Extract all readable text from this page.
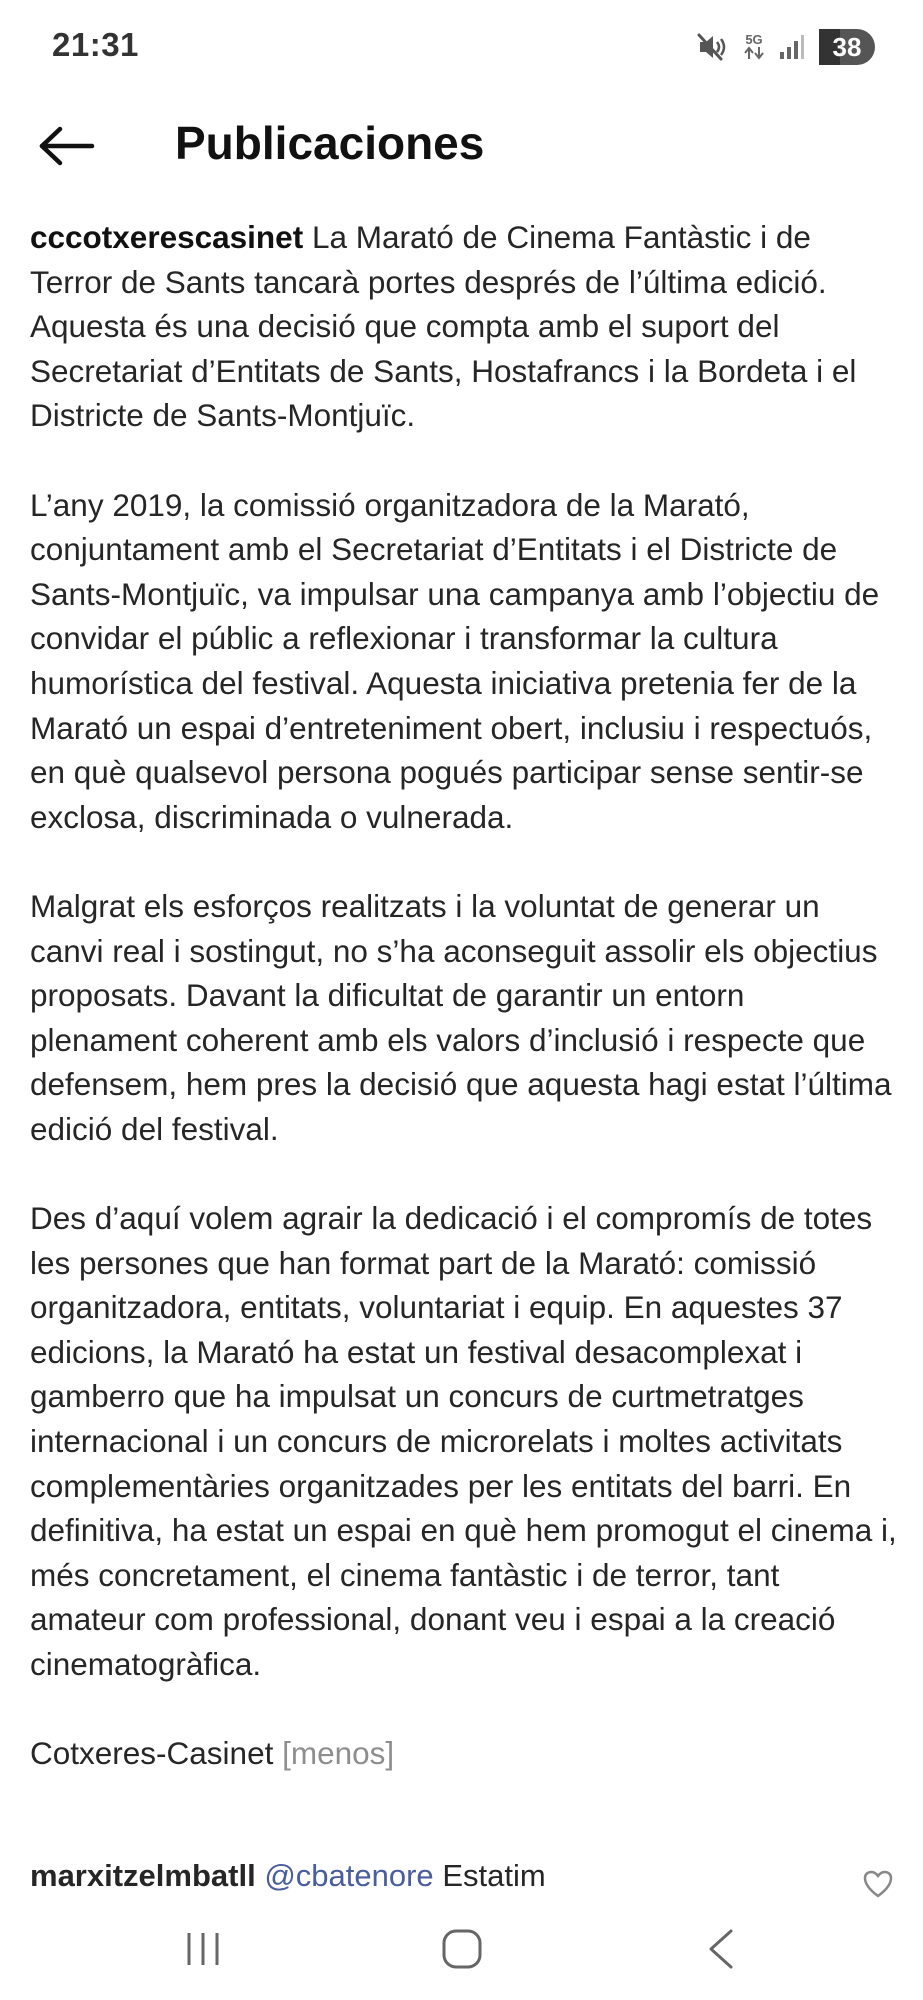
21:31	5G	38
Publicaciones

cccotxerescasinet La Marató de Cinema Fantàstic i de Terror de Sants tancarà portes després de l’última edició. Aquesta és una decisió que compta amb el suport del Secretariat d’Entitats de Sants, Hostafrancs i la Bordeta i el Districte de Sants-Montjuïc.

L’any 2019, la comissió organitzadora de la Marató, conjuntament amb el Secretariat d’Entitats i el Districte de Sants-Montjuïc, va impulsar una campanya amb l’objectiu de convidar el públic a reflexionar i transformar la cultura humorística del festival. Aquesta iniciativa pretenia fer de la Marató un espai d’entreteniment obert, inclusiu i respectuós, en què qualsevol persona pogués participar sense sentir-se exclosa, discriminada o vulnerada.

Malgrat els esforços realitzats i la voluntat de generar un canvi real i sostingut, no s’ha aconseguit assolir els objectius proposats. Davant la dificultat de garantir un entorn plenament coherent amb els valors d’inclusió i respecte que defensem, hem pres la decisió que aquesta hagi estat l’última edició del festival.

Des d’aquí volem agrair la dedicació i el compromís de totes les persones que han format part de la Marató: comissió organitzadora, entitats, voluntariat i equip. En aquestes 37 edicions, la Marató ha estat un festival desacomplexat i gamberro que ha impulsat un concurs de curtmetratges internacional i un concurs de microrelats i moltes activitats complementàries organitzades per les entitats del barri. En definitiva, ha estat un espai en què hem promogut el cinema i, més concretament, el cinema fantàstic i de terror, tant amateur com professional, donant veu i espai a la creació cinematogràfica.

Cotxeres-Casinet [menos]

marxitzelmbatll @cbatenore Estatim
